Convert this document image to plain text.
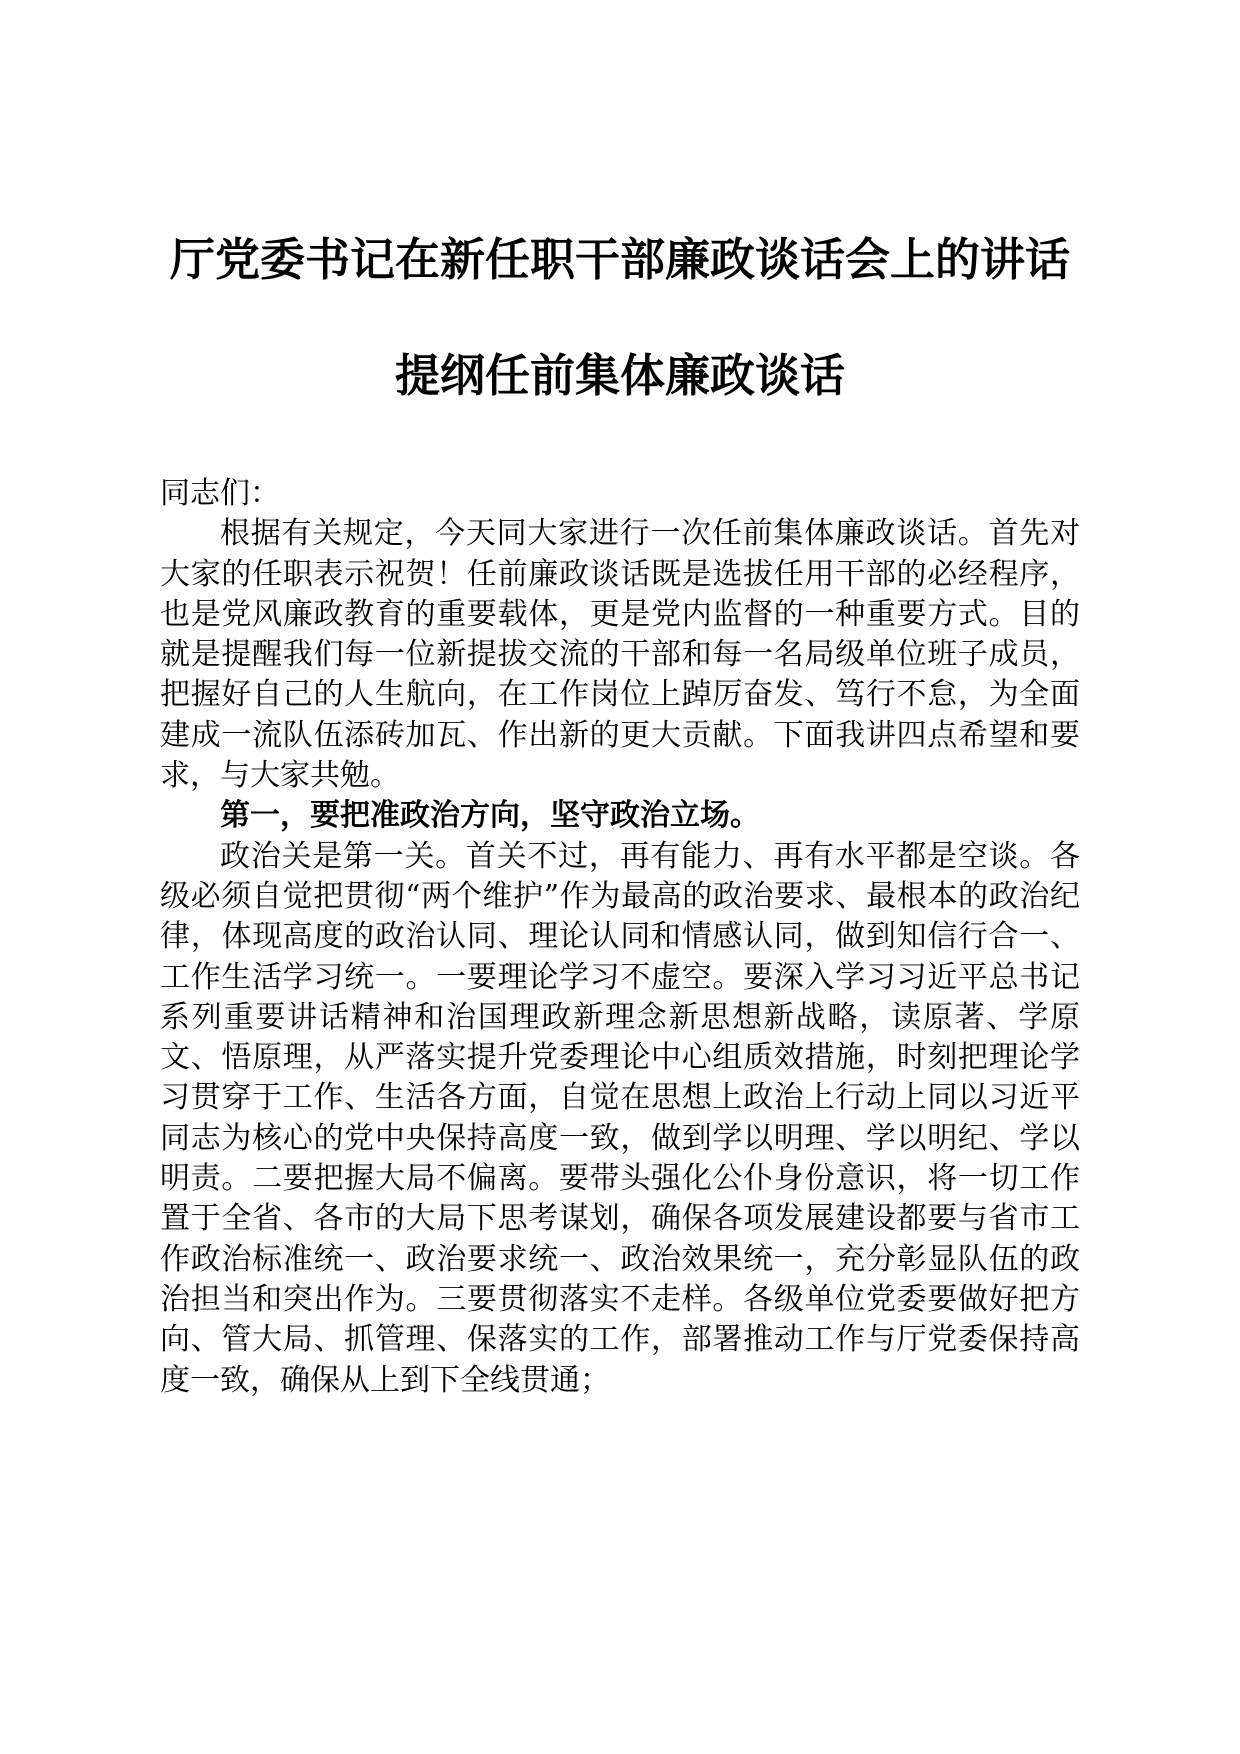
厅党委书记在新任职干部廉政谈话会上的讲话
提纲任前集体廉政谈话

同志们：

根据有关规定，今天同大家进行一次任前集体廉政谈话。首先对大家的任职表示祝贺！任前廉政谈话既是选拔任用干部的必经程序，也是党风廉政教育的重要载体，更是党内监督的一种重要方式。目的就是提醒我们每一位新提拔交流的干部和每一名局级单位班子成员，把握好自己的人生航向，在工作岗位上踔厉奋发、笃行不怠，为全面建成一流队伍添砖加瓦、作出新的更大贡献。下面我讲四点希望和要求，与大家共勉。

第一，要把准政治方向，坚守政治立场。

政治关是第一关。首关不过，再有能力、再有水平都是空谈。各级必须自觉把贯彻“两个维护”作为最高的政治要求、最根本的政治纪律，体现高度的政治认同、理论认同和情感认同，做到知信行合一、工作生活学习统一。一要理论学习不虚空。要深入学习习近平总书记系列重要讲话精神和治国理政新理念新思想新战略，读原著、学原文、悟原理，从严落实提升党委理论中心组质效措施，时刻把理论学习贯穿于工作、生活各方面，自觉在思想上政治上行动上同以习近平同志为核心的党中央保持高度一致，做到学以明理、学以明纪、学以明责。二要把握大局不偏离。要带头强化公仆身份意识，将一切工作置于全省、各市的大局下思考谋划，确保各项发展建设都要与省市工作政治标准统一、政治要求统一、政治效果统一，充分彰显队伍的政治担当和突出作为。三要贯彻落实不走样。各级单位党委要做好把方向、管大局、抓管理、保落实的工作，部署推动工作与厅党委保持高度一致，确保从上到下全线贯通；
